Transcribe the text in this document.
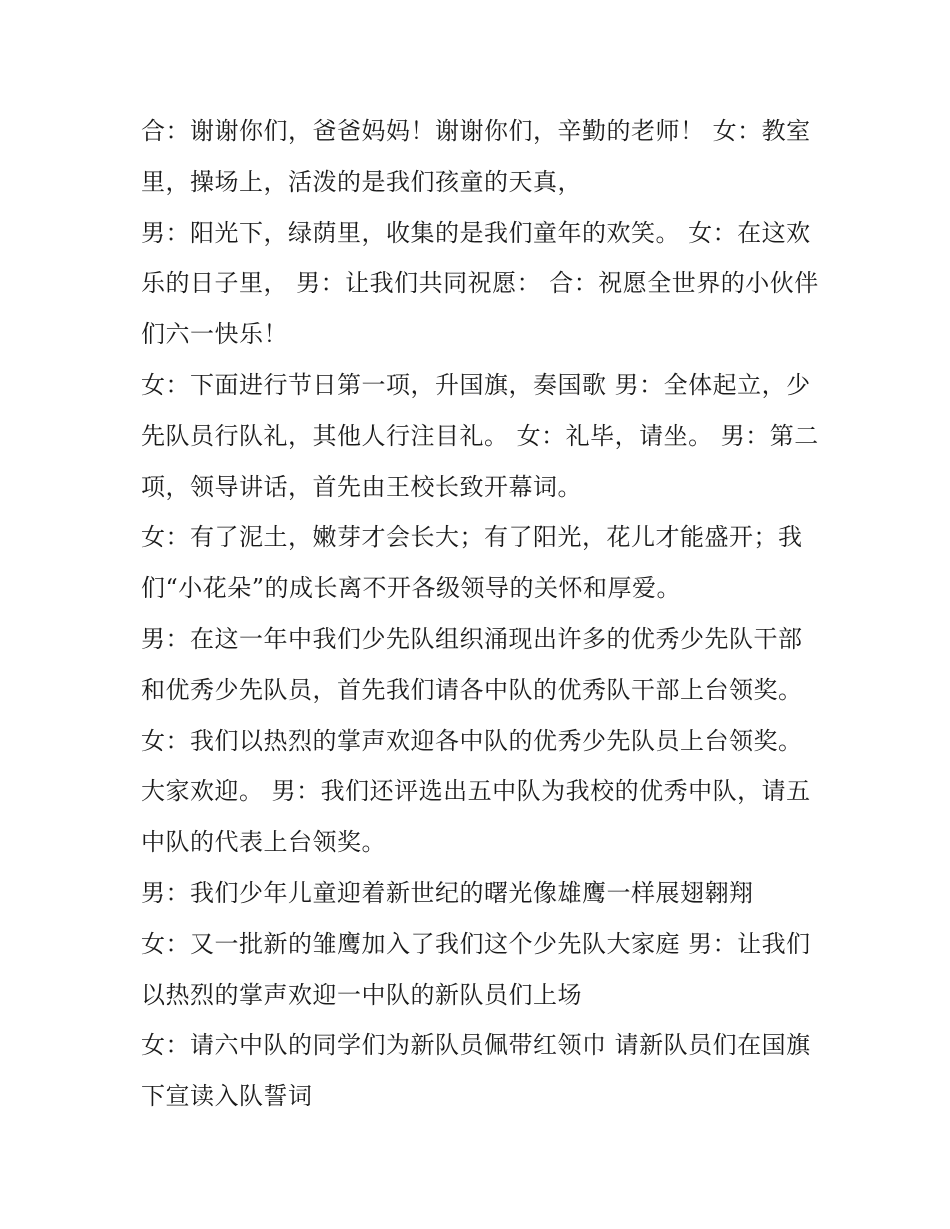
合：谢谢你们，爸爸妈妈！谢谢你们，辛勤的老师！ 女：教室里，操场上，活泼的是我们孩童的天真，

男：阳光下，绿荫里，收集的是我们童年的欢笑。 女：在这欢乐的日子里， 男：让我们共同祝愿： 合：祝愿全世界的小伙伴们六一快乐！

女：下面进行节日第一项，升国旗，奏国歌 男：全体起立，少先队员行队礼，其他人行注目礼。 女：礼毕，请坐。 男：第二项，领导讲话，首先由王校长致开幕词。

女：有了泥土，嫩芽才会长大；有了阳光，花儿才能盛开；我们“小花朵”的成长离不开各级领导的关怀和厚爱。

男：在这一年中我们少先队组织涌现出许多的优秀少先队干部和优秀少先队员，首先我们请各中队的优秀队干部上台领奖。

女：我们以热烈的掌声欢迎各中队的优秀少先队员上台领奖。大家欢迎。 男：我们还评选出五中队为我校的优秀中队，请五中队的代表上台领奖。

男：我们少年儿童迎着新世纪的曙光像雄鹰一样展翅翱翔

女：又一批新的雏鹰加入了我们这个少先队大家庭 男：让我们以热烈的掌声欢迎一中队的新队员们上场

女：请六中队的同学们为新队员佩带红领巾 请新队员们在国旗下宣读入队誓词
